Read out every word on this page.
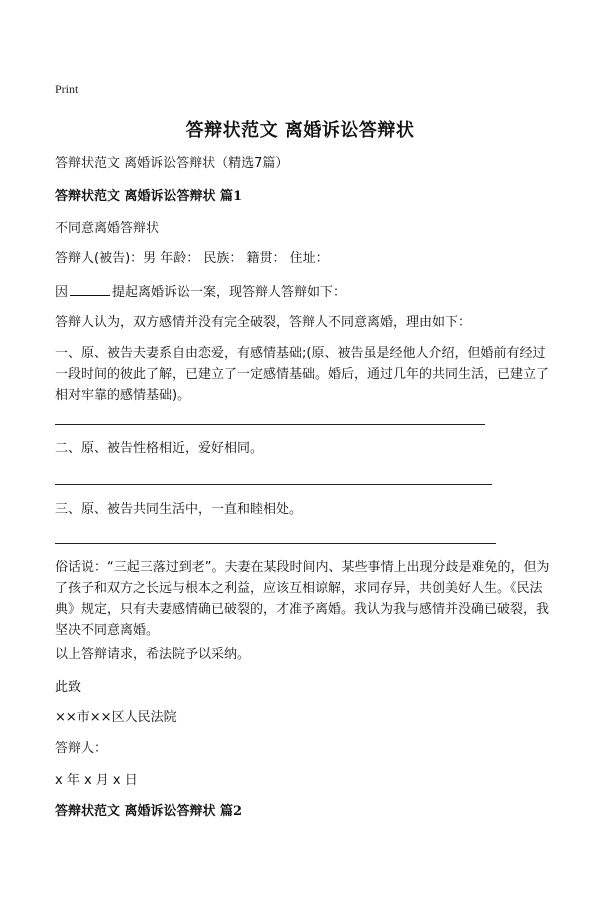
Print
答辩状范文 离婚诉讼答辩状
答辩状范文 离婚诉讼答辩状（精选7篇）
答辩状范文 离婚诉讼答辩状 篇1
不同意离婚答辩状
答辩人(被告)：男 年龄： 民族： 籍贯： 住址：
因	提起离婚诉讼一案，现答辩人答辩如下：
答辩人认为，双方感情并没有完全破裂，答辩人不同意离婚，理由如下：
一、原、被告夫妻系自由恋爱，有感情基础;(原、被告虽是经他人介绍，但婚前有经过一段时间的彼此了解，已建立了一定感情基础。婚后，通过几年的共同生活，已建立了相对牢靠的感情基础)。
二、原、被告性格相近，爱好相同。
三、原、被告共同生活中，一直和睦相处。
俗话说：“三起三落过到老”。夫妻在某段时间内、某些事情上出现分歧是难免的，但为了孩子和双方之长远与根本之利益，应该互相谅解，求同存异，共创美好人生。《民法典》规定，只有夫妻感情确已破裂的，才准予离婚。我认为我与感情并没确已破裂，我坚决不同意离婚。
以上答辩请求，希法院予以采纳。
此致
××市××区人民法院
答辩人：
x 年 x 月 x 日
答辩状范文 离婚诉讼答辩状 篇2
